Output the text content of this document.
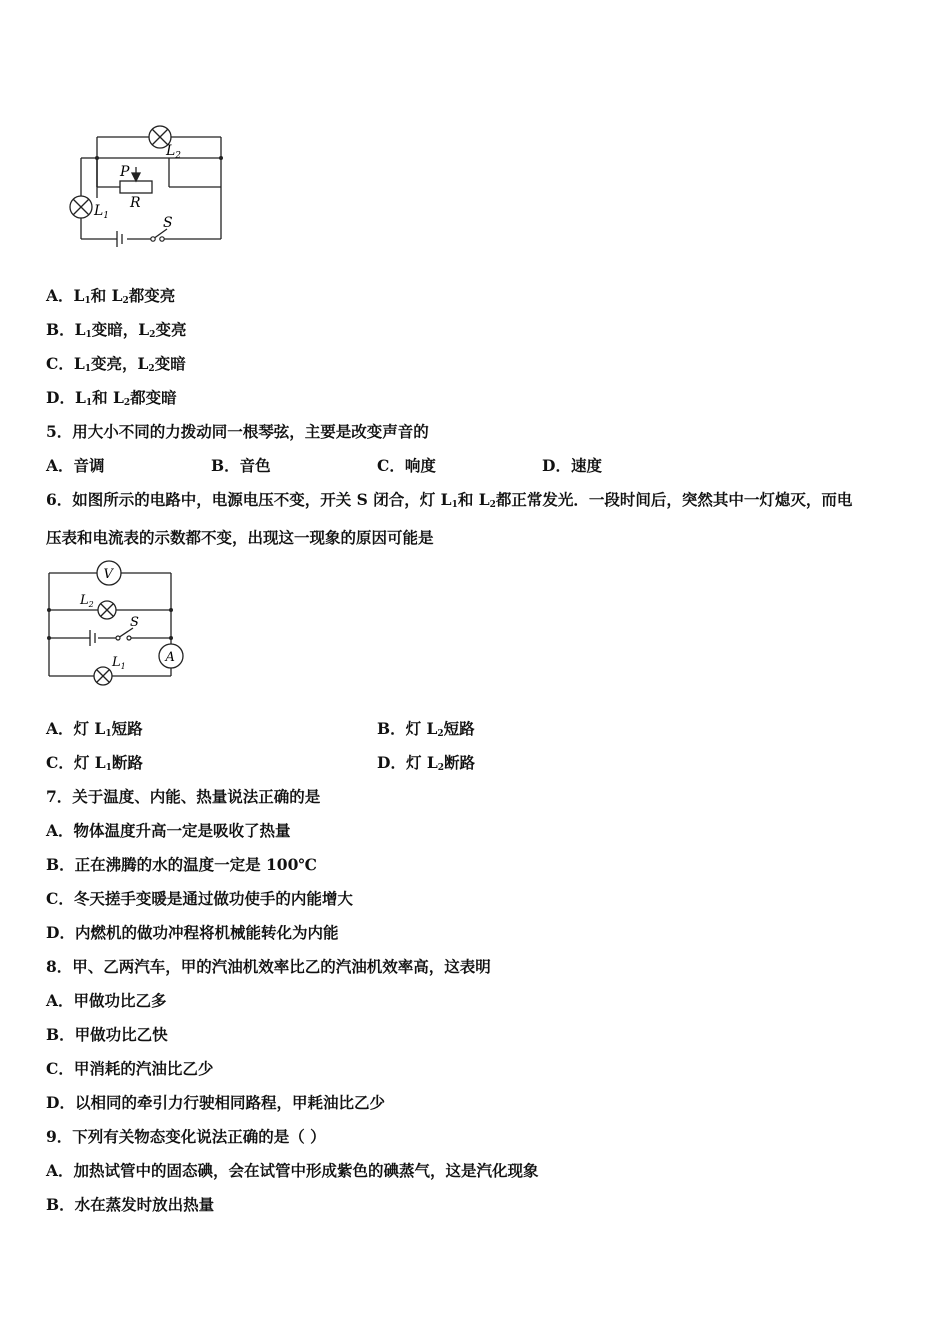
$L_2$
P
R
$L_1$	S
A．$L_1$和 $L_2$都变亮
B．$L_1$变暗，$L_2$变亮
C．$L_1$变亮，$L_2$变暗
D．$L_1$和 $L_2$都变暗
5．用大小不同的力拨动同一根琴弦，主要是改变声音的
A．音调	B．音色	C．响度	D．速度
6．如图所示的电路中，电源电压不变，开关 S 闭合，灯 $L_1$和 $L_2$都正常发光．一段时间后，突然其中一灯熄灭，而电
压表和电流表的示数都不变，出现这一现象的原因可能是
V
A
$L_2$
S
$L_1$
A．灯 $L_1$短路	B．灯 $L_2$短路
C．灯 $L_1$断路	D．灯 $L_2$断路
7．关于温度、内能、热量说法正确的是
A．物体温度升高一定是吸收了热量
B．正在沸腾的水的温度一定是 100℃
C．冬天搓手变暖是通过做功使手的内能增大
D．内燃机的做功冲程将机械能转化为内能
8．甲、乙两汽车，甲的汽油机效率比乙的汽油机效率高，这表明
A．甲做功比乙多
B．甲做功比乙快
C．甲消耗的汽油比乙少
D．以相同的牵引力行驶相同路程，甲耗油比乙少
9．下列有关物态变化说法正确的是（ ）
A．加热试管中的固态碘，会在试管中形成紫色的碘蒸气，这是汽化现象
B．水在蒸发时放出热量
